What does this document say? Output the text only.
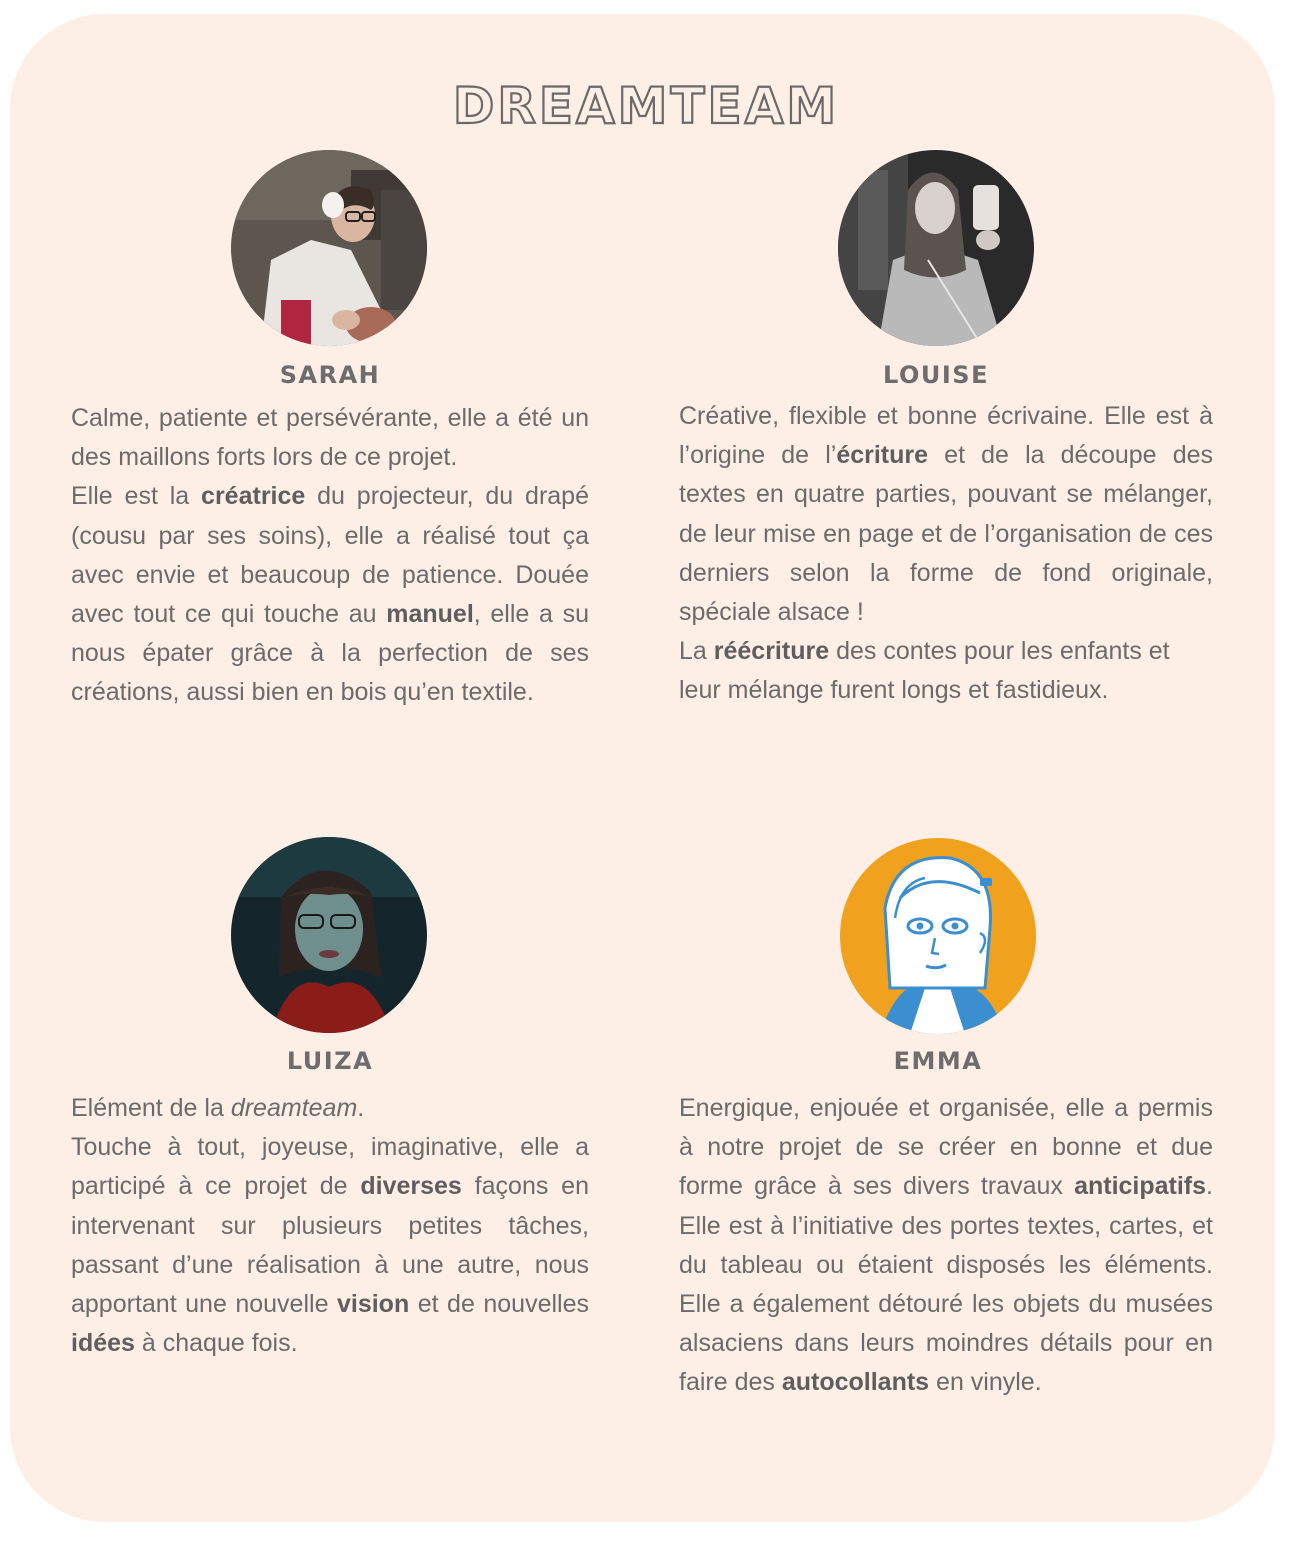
DREAMTEAM
SARAH

Calme, patiente et persévérante, elle a été un des maillons forts lors de ce projet.

Elle est la créatrice du projecteur, du drapé (cousu par ses soins), elle a réalisé tout ça avec envie et beaucoup de patience. Douée avec tout ce qui touche au manuel, elle a su nous épater grâce à la perfection de ses créations, aussi bien en bois qu’en textile.

LOUISE

Créative, flexible et bonne écrivaine. Elle est à l’origine de l’écriture et de la découpe des textes en quatre parties, pouvant se mélanger, de leur mise en page et de l’organisation de ces derniers selon la forme de fond originale, spéciale alsace !

La réécriture des contes pour les enfants et leur mélange furent longs et fastidieux.

LUIZA

Elément de la dreamteam.

Touche à tout, joyeuse, imaginative, elle a participé à ce projet de diverses façons en intervenant sur plusieurs petites tâches, passant d’une réalisation à une autre, nous apportant une nouvelle vision et de nouvelles idées à chaque fois.

EMMA

Energique, enjouée et organisée, elle a permis à notre projet de se créer en bonne et due forme grâce à ses divers travaux anticipatifs. Elle est à l’initiative des portes textes, cartes, et du tableau ou étaient disposés les éléments. Elle a également détouré les objets du musées alsaciens dans leurs moindres détails pour en faire des autocollants en vinyle.
